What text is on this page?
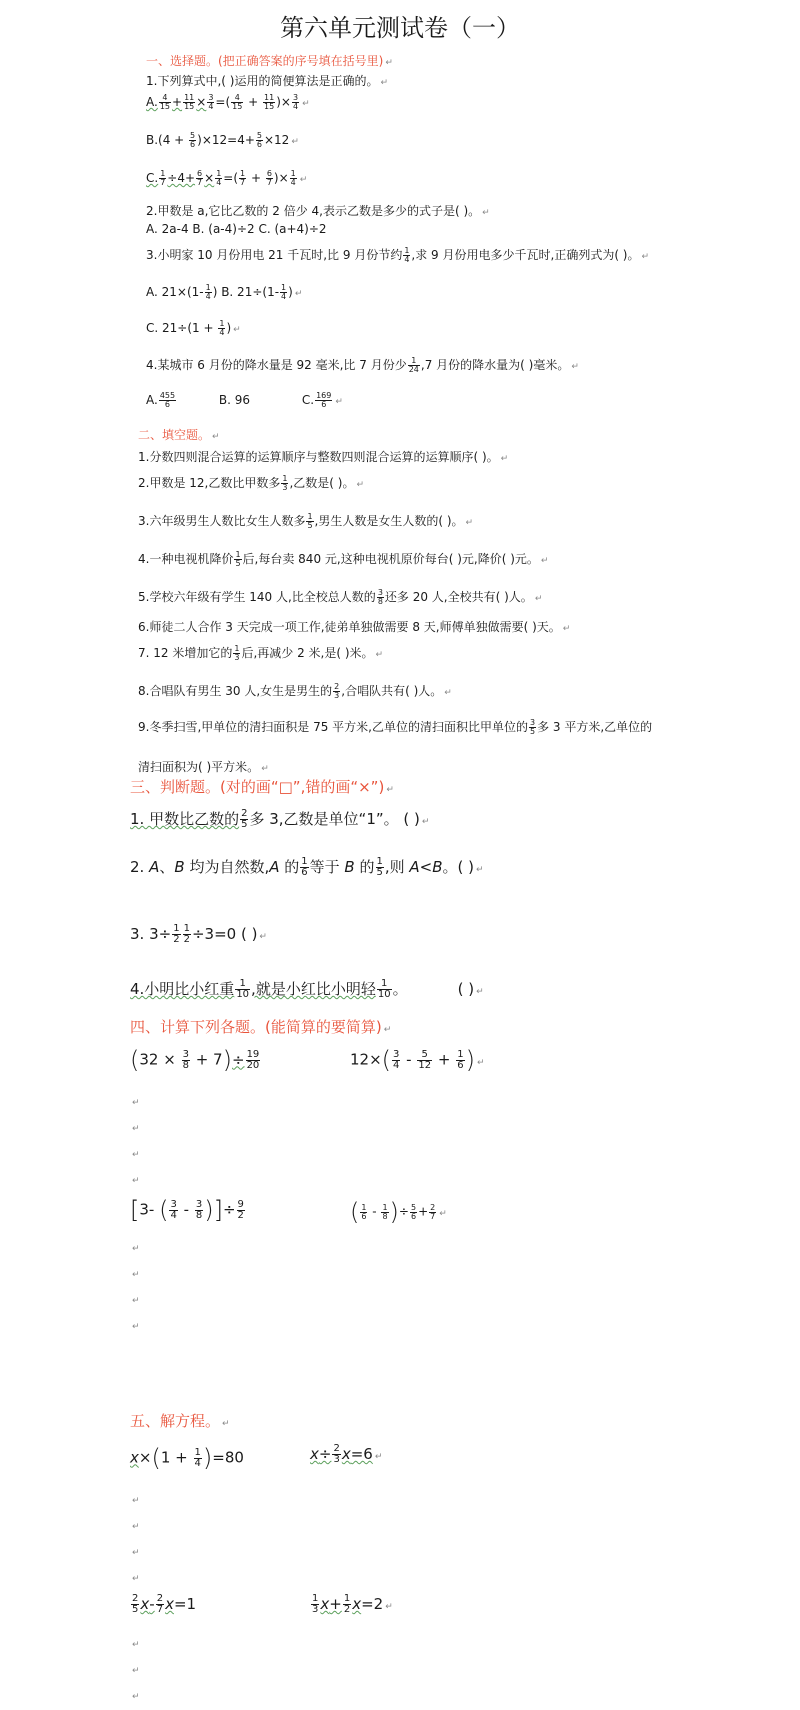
第六单元测试卷（一）
一、选择题。(把正确答案的序号填在括号里) ↵
1.下列算式中,( )运用的简便算法是正确的。 ↵
A. $\frac{4}{15} + \frac{11}{15} \times \frac{3}{4}$ =( $\frac{4}{15} + \frac{11}{15}$ )× $\frac{3}{4}$ ↵
$B.(4 + \frac{5}{6} )\times 12=4+ \frac{5}{6} \times 12$ ↵
C. $\frac{1}{7} \div 4+ \frac{6}{7} \times \frac{1}{4}$ =( $\frac{1}{7} + \frac{6}{7}$ )× $\frac{1}{4}$ ↵
2.甲数是 a,它比乙数的 2 倍少 4,表示乙数是多少的式子是( )。 ↵
A. 2a-4 B. (a-4)÷2 C. (a+4)÷2
3.小明家 10 月份用电 21 千瓦时,比 9 月份节约 $\frac{1}{4}$ ,求 9 月份用电多少千瓦时,正确列式为( )。 ↵
A. $21\times(1- \frac{1}{4}$ ) B. $21\div(1- \frac{1}{4}$ ) ↵
C. $21\div(1 + \frac{1}{4}$ ) ↵
4.某城市 6 月份的降水量是 92 毫米,比 7 月份少 $\frac{1}{24} ,7$ 月份的降水量为( )毫米。 ↵
A. $\frac{455}{6}$	B. 96	C. $\frac{169}{6}$ ↵
二、填空题。 ↵
1.分数四则混合运算的运算顺序与整数四则混合运算的运算顺序( )。 ↵
2.甲数是 12,乙数比甲数多 $\frac{1}{3}$ ,乙数是( )。 ↵
3.六年级男生人数比女生人数多 $\frac{1}{5}$ ,男生人数是女生人数的( )。 ↵
4.一种电视机降价 $\frac{1}{5}$ 后,每台卖 840 元,这种电视机原价每台( )元,降价( )元。 ↵
5.学校六年级有学生 140 人,比全校总人数的 $\frac{3}{8}$ 还多 20 人,全校共有( )人。 ↵
6.师徒二人合作 3 天完成一项工作,徒弟单独做需要 8 天,师傅单独做需要( )天。 ↵
7. 12 米增加它的 $\frac{1}{3}$ 后,再减少 2 米,是( )米。 ↵
8.合唱队有男生 30 人,女生是男生的 $\frac{2}{3}$ ,合唱队共有( )人。 ↵
9.冬季扫雪,甲单位的清扫面积是 75 平方米,乙单位的清扫面积比甲单位的 $\frac{3}{5}$ 多 3 平方米,乙单位的
清扫面积为( )平方米。 ↵
三、判断题。(对的画“□”,错的画“×”) ↵
1. 甲数比乙数的 $\frac{2}{5}$ 多 3,乙数是单位“1”。 ( ) ↵
2. A、B 均为自然数,A 的 $\frac{1}{6}$ 等于 B 的 $\frac{1}{5}$ ,则 A<B。( ) ↵
3. $3\div \frac{1}{2} \frac{1}{2} \div 3=0$ ( ) ↵
4.小明比小红重 $\frac{1}{10}$ ,就是小红比小明轻 $\frac{1}{10}$ 。	( ) ↵
四、计算下列各题。(能简算的要简算) ↵
$(32 \times \frac{3}{8} + 7)\div \frac{19}{20}$	$12\times( \frac{3}{4} - \frac{5}{12} + \frac{1}{6}$ ) ↵
↵
↵
↵
↵
[3- ( $\frac{3}{4} - \frac{3}{8}$ )]÷ $\frac{9}{2}$	( $\frac{1}{6} - \frac{1}{8}$ )÷ $\frac{5}{6} + \frac{2}{7}$ ↵
↵
↵
↵
↵
五、解方程。 ↵
$x\times(1 + \frac{1}{4} )=80$	$x\div \frac{2}{3} x=6$ ↵
↵
↵
↵
↵
$\frac{2}{5} x- \frac{2}{7} x=1$	$\frac{1}{3} x+ \frac{1}{2} x=2$ ↵
↵
↵
↵
